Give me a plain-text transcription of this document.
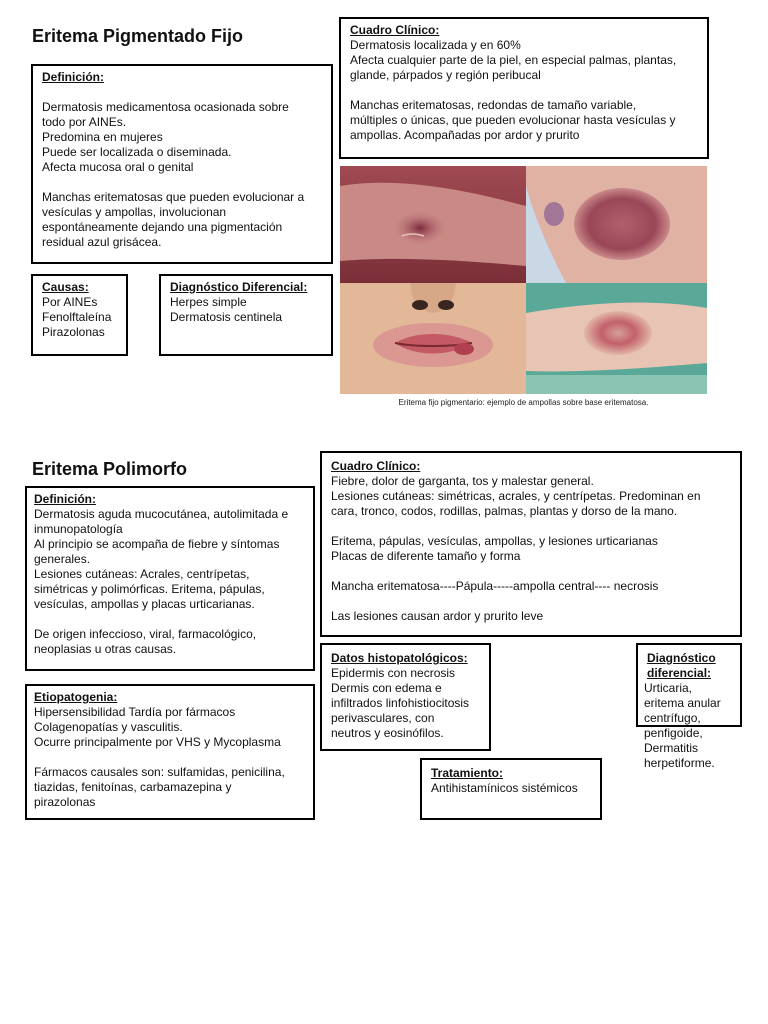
Eritema Pigmentado Fijo
Definición:
Dermatosis medicamentosa ocasionada sobre
todo por AINEs.
Predomina en mujeres
Puede ser localizada o diseminada.
Afecta mucosa oral o genital
Manchas eritematosas que pueden evolucionar a
vesículas y ampollas, involucionan
espontáneamente dejando una pigmentación
residual azul grisácea.
Causas:
Por AINEs
Fenolftaleína
Pirazolonas
Diagnóstico Diferencial:
Herpes simple
Dermatosis centinela
Cuadro Clínico:
Dermatosis localizada y en 60%
Afecta cualquier parte de la piel, en especial palmas, plantas,
glande, párpados y región peribucal
Manchas eritematosas, redondas de tamaño variable,
múltiples o únicas, que pueden evolucionar hasta vesículas y
ampollas. Acompañadas por ardor y prurito
Eritema fijo pigmentario: ejemplo de ampollas sobre base eritematosa.
Eritema Polimorfo
Definición:
Dermatosis aguda mucocutánea, autolimitada e
inmunopatología
Al principio se acompaña de fiebre y síntomas
generales.
Lesiones cutáneas: Acrales, centrípetas,
simétricas y polimórficas. Eritema, pápulas,
vesículas, ampollas y placas urticarianas.
De origen infeccioso, viral, farmacológico,
neoplasias u otras causas.
Etiopatogenia:
Hipersensibilidad Tardía por fármacos
Colagenopatías y vasculitis.
Ocurre principalmente por VHS y Mycoplasma
Fármacos causales son: sulfamidas, penicilina,
tiazidas, fenitoínas, carbamazepina y
pirazolonas
Cuadro Clínico:
Fiebre, dolor de garganta, tos y malestar general.
Lesiones cutáneas: simétricas, acrales, y centrípetas. Predominan en
cara, tronco, codos, rodillas, palmas, plantas y dorso de la mano.
Eritema, pápulas, vesículas, ampollas, y lesiones urticarianas
Placas de diferente tamaño y forma
Mancha eritematosa----Pápula-----ampolla central---- necrosis
Las lesiones causan ardor y prurito leve
Datos histopatológicos:
Epidermis con necrosis
Dermis con edema e
infiltrados linfohistiocitosis
perivasculares, con
neutros y eosinófilos.
Diagnóstico
diferencial:
Urticaria,
eritema anular
centrífugo,
penfigoide,
Dermatitis
herpetiforme.
Tratamiento:
Antihistamínicos sistémicos
